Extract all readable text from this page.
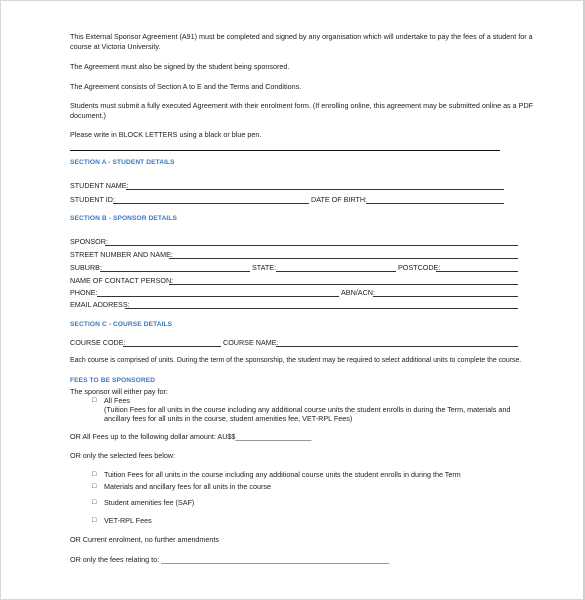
This External Sponsor Agreement (A91) must be completed and signed by any organisation which will undertake to pay the fees of a student for a
course at Victoria University.
The Agreement must also be signed by the student being sponsored.
The Agreement consists of Section A to E and the Terms and Conditions.
Students must submit a fully executed Agreement with their enrolment form. (If enrolling online, this agreement may be submitted online as a PDF
document.)
Please write in BLOCK LETTERS using a black or blue pen.
SECTION A - STUDENT DETAILS
STUDENT NAME:
STUDENT ID:	DATE OF BIRTH:
SECTION B - SPONSOR DETAILS
SPONSOR:
STREET NUMBER AND NAME:
SUBURB:	STATE:	POSTCODE:
NAME OF CONTACT PERSON:
PHONE:	ABN/ACN:
EMAIL ADDRESS:
SECTION C - COURSE DETAILS
COURSE CODE:	COURSE NAME:
Each course is comprised of units. During the term of the sponsorship, the student may be required to select additional units to complete the course.
FEES TO BE SPONSORED
The sponsor will either pay for:
□ All Fees
(Tuition Fees for all units in the course including any additional course units the student enrolls in during the Term, materials and
ancillary fees for all units in the course, student amenities fee, VET-RPL Fees)
OR All Fees up to the following dollar amount: AU$$___________________
OR only the selected fees below:
□ Tuition Fees for all units in the course including any additional course units the student enrolls in during the Term
□ Materials and ancillary fees for all units in the course
□ Student amenities fee (SAF)
□ VET-RPL Fees
OR Current enrolment, no further amendments
OR only the fees relating to: _________________________________________________________
